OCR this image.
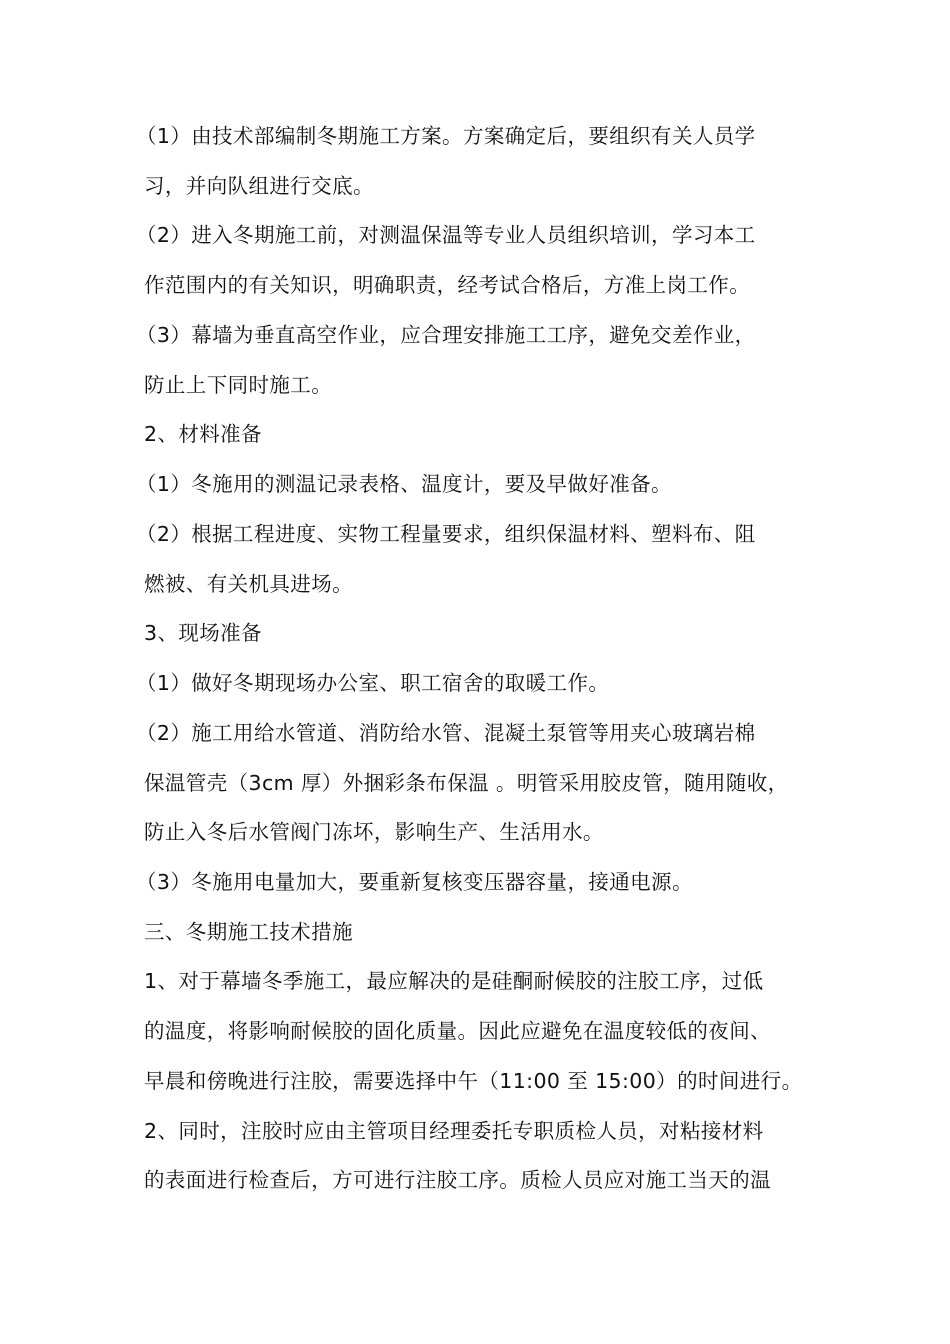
（1）由技术部编制冬期施工方案。方案确定后，要组织有关人员学
习，并向队组进行交底。
（2）进入冬期施工前，对测温保温等专业人员组织培训，学习本工
作范围内的有关知识，明确职责，经考试合格后，方准上岗工作。
（3）幕墙为垂直高空作业，应合理安排施工工序，避免交差作业，
防止上下同时施工。
2、材料准备
（1）冬施用的测温记录表格、温度计，要及早做好准备。
（2）根据工程进度、实物工程量要求，组织保温材料、塑料布、阻
燃被、有关机具进场。
3、现场准备
（1）做好冬期现场办公室、职工宿舍的取暖工作。
（2）施工用给水管道、消防给水管、混凝土泵管等用夹心玻璃岩棉
保温管壳（3cm 厚）外捆彩条布保温 。明管采用胶皮管，随用随收，
防止入冬后水管阀门冻坏，影响生产、生活用水。
（3）冬施用电量加大，要重新复核变压器容量，接通电源。
三、冬期施工技术措施
1、对于幕墙冬季施工，最应解决的是硅酮耐候胶的注胶工序，过低
的温度，将影响耐候胶的固化质量。因此应避免在温度较低的夜间、
早晨和傍晚进行注胶，需要选择中午（11:00 至 15:00）的时间进行。
2、同时，注胶时应由主管项目经理委托专职质检人员，对粘接材料
的表面进行检查后，方可进行注胶工序。质检人员应对施工当天的温
